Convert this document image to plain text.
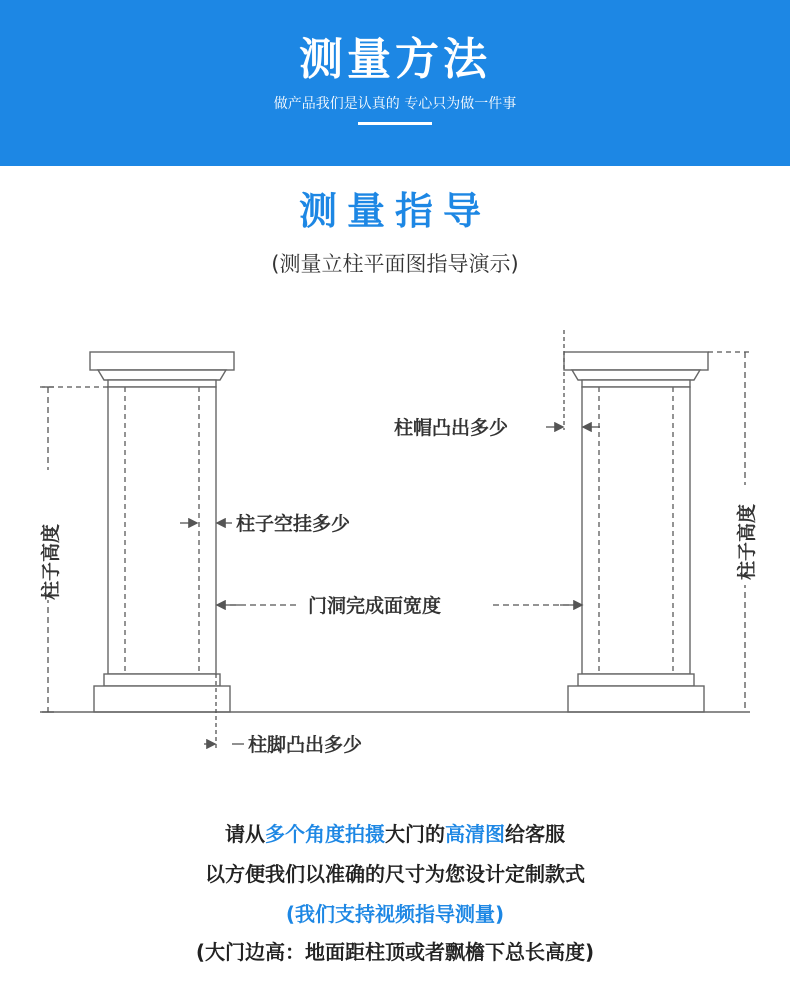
测量方法
做产品我们是认真的 专心只为做一件事
测量指导
(测量立柱平面图指导演示)
柱子高度	柱子高度
柱帽凸出多少
柱子空挂多少
门洞完成面宽度
柱脚凸出多少
请从多个角度拍摄大门的高清图给客服
以方便我们以准确的尺寸为您设计定制款式
(我们支持视频指导测量)
(大门边高：地面距柱顶或者飘檐下总长高度)
